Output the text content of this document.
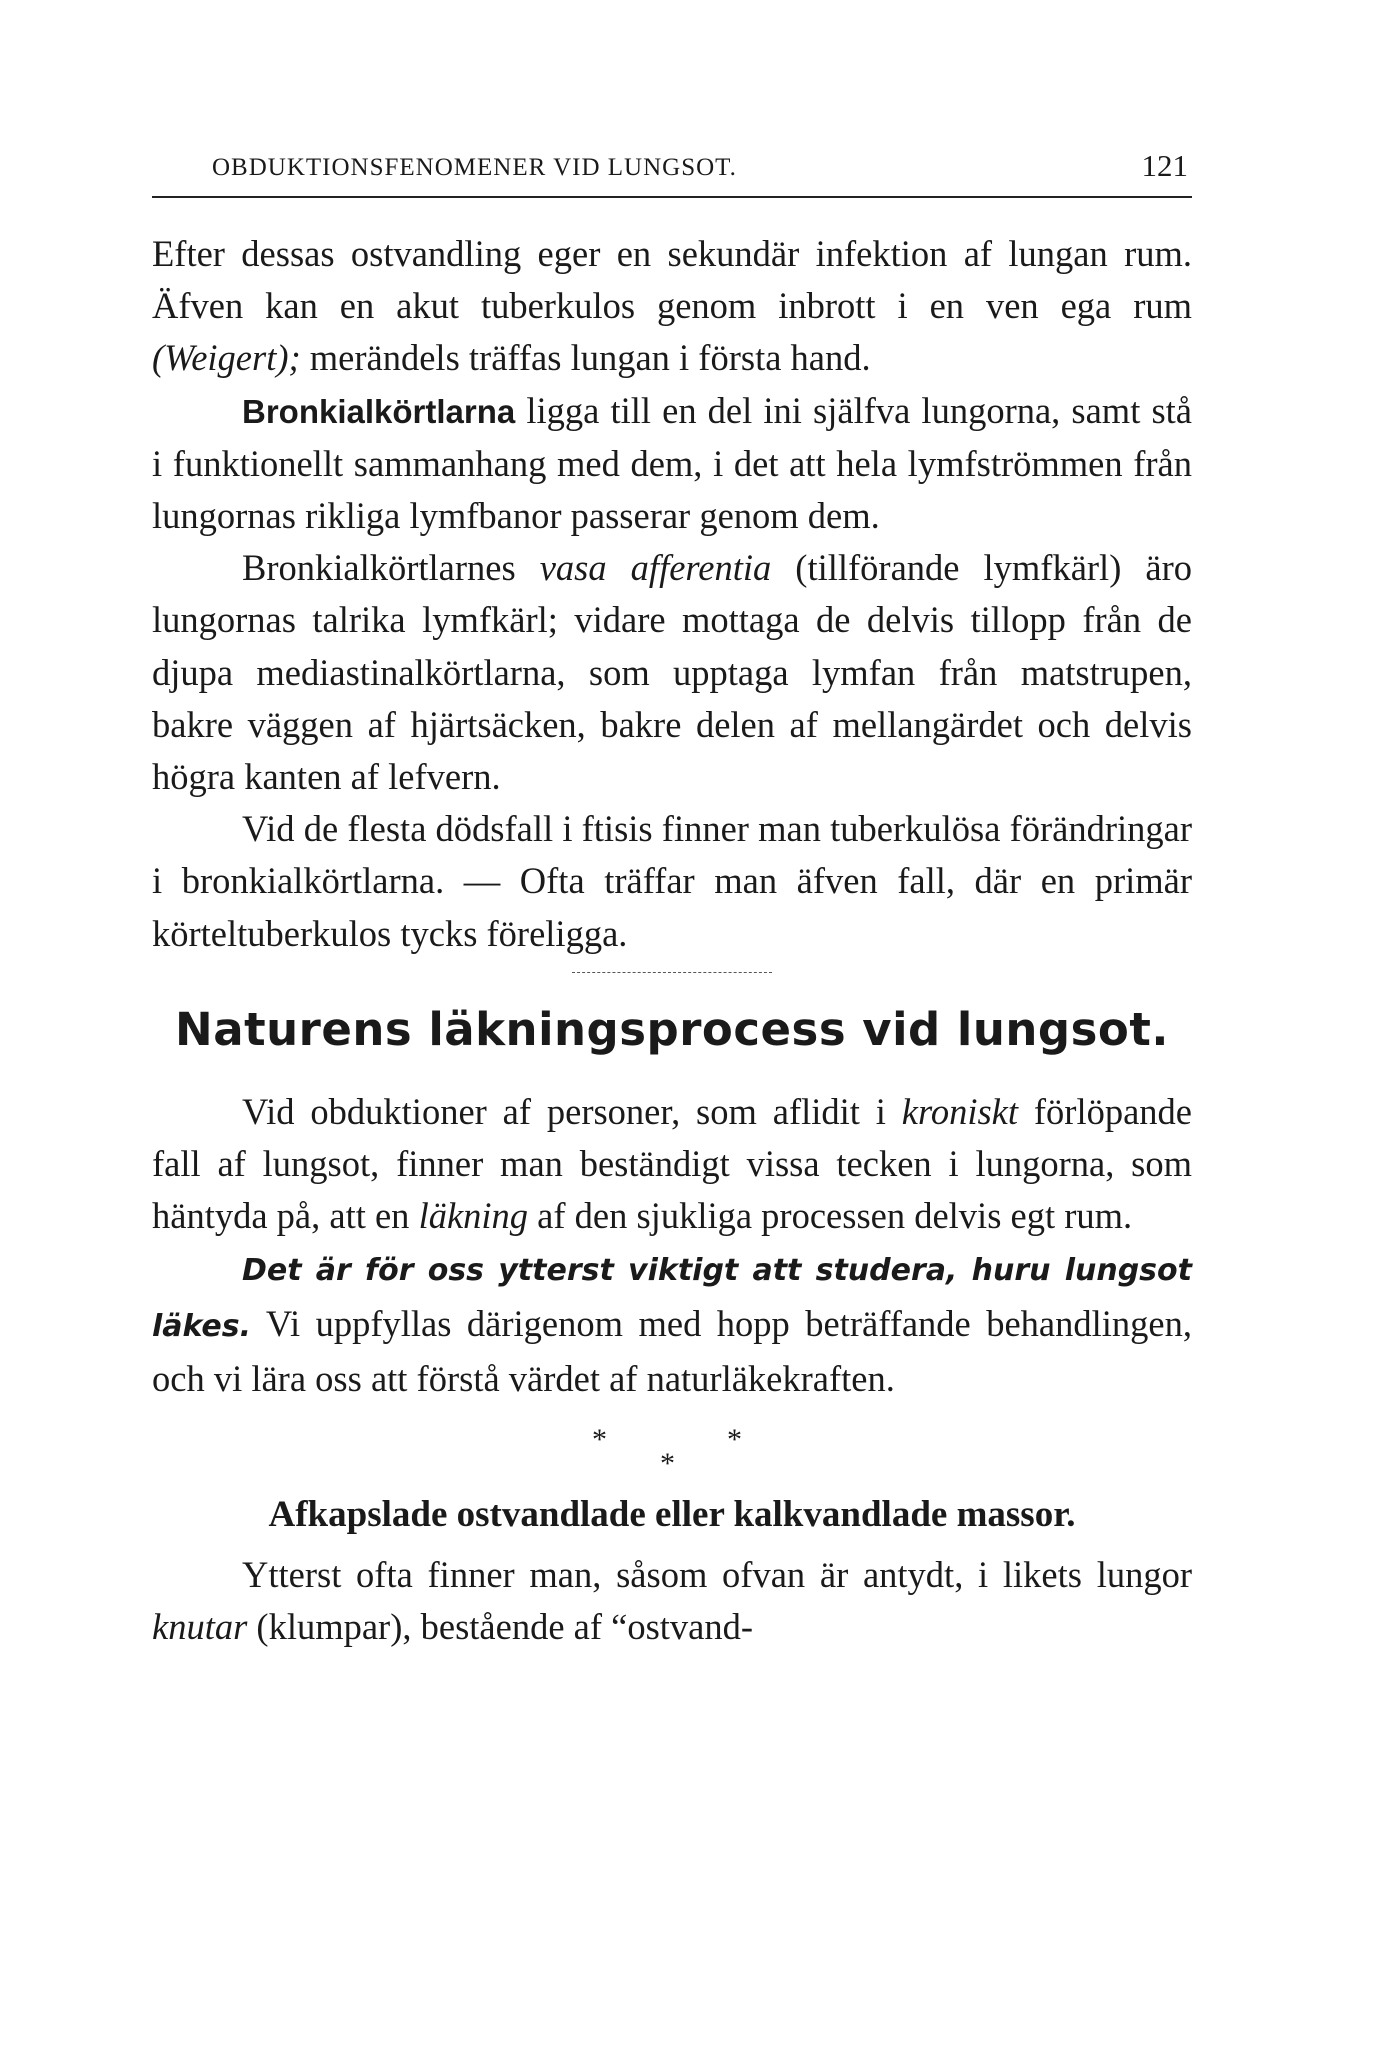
OBDUKTIONSFENOMENER VID LUNGSOT.	121

Efter dessas ostvandling eger en sekundär infektion af lungan rum. Äfven kan en akut tuberkulos genom inbrott i en ven ega rum (Weigert); merändels träffas lungan i första hand.

Bronkialkörtlarna ligga till en del ini själfva lungorna, samt stå i funktionellt sammanhang med dem, i det att hela lymfströmmen från lungornas rikliga lymfbanor passerar genom dem.

Bronkialkörtlarnes vasa afferentia (tillförande lymfkärl) äro lungornas talrika lymfkärl; vidare mottaga de delvis tillopp från de djupa mediastinalkörtlarna, som upptaga lymfan från matstrupen, bakre väggen af hjärtsäcken, bakre delen af mellangärdet och delvis högra kanten af lefvern.

Vid de flesta dödsfall i ftisis finner man tuberkulösa förändringar i bronkialkörtlarna. — Ofta träffar man äfven fall, där en primär körteltuberkulos tycks föreligga.

Naturens läkningsprocess vid lungsot.

Vid obduktioner af personer, som aflidit i kroniskt förlöpande fall af lungsot, finner man beständigt vissa tecken i lungorna, som häntyda på, att en läkning af den sjukliga processen delvis egt rum.

Det är för oss ytterst viktigt att studera, huru lungsot läkes. Vi uppfyllas därigenom med hopp beträffande behandlingen, och vi lära oss att förstå värdet af naturläkekraften.

*	*
*
Afkapslade ostvandlade eller kalkvandlade massor.

Ytterst ofta finner man, såsom ofvan är antydt, i likets lungor knutar (klumpar), bestående af “ostvand-
